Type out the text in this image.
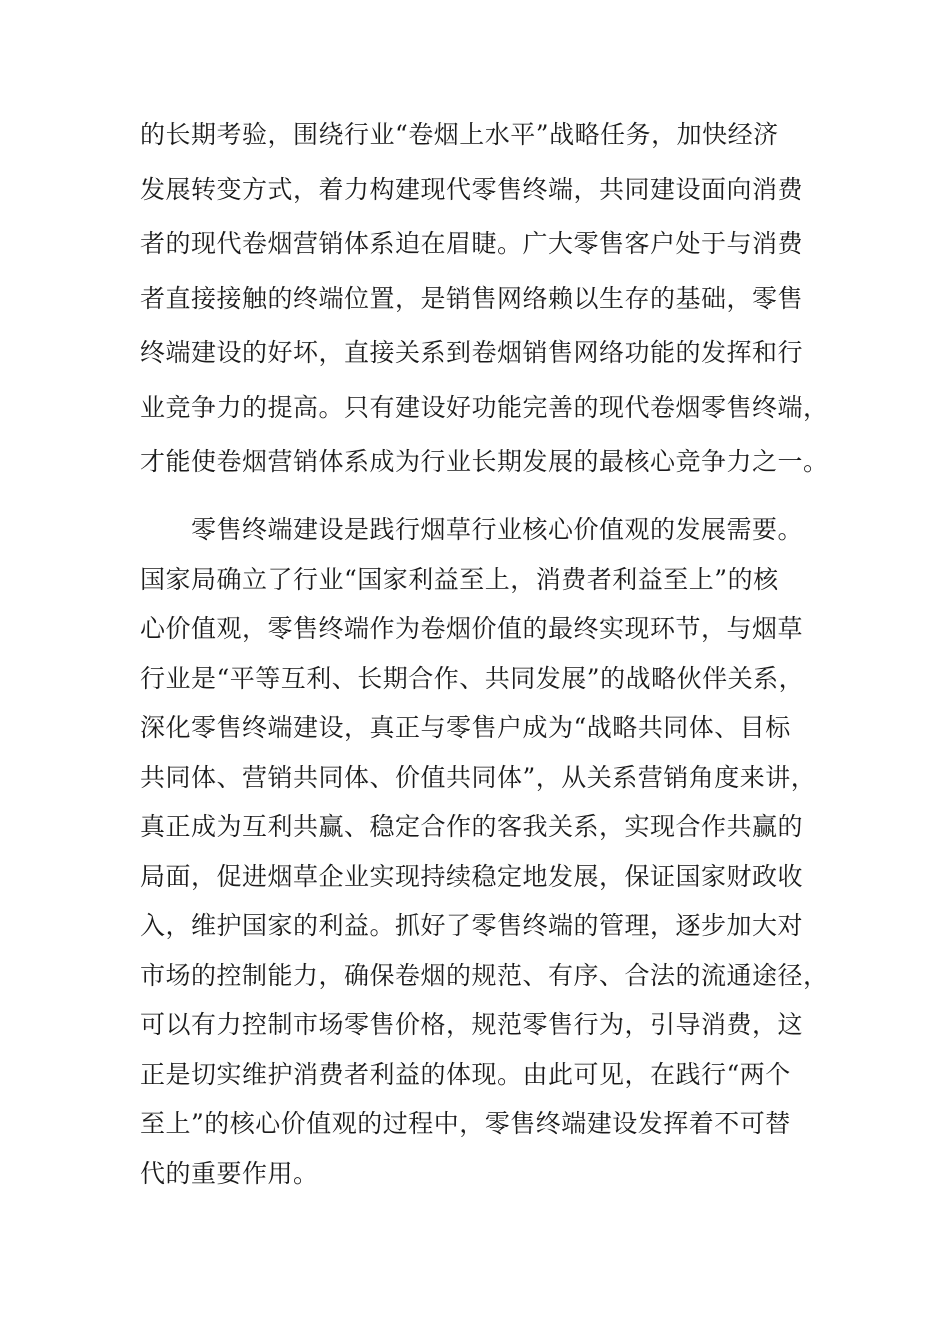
的长期考验，围绕行业“卷烟上水平”战略任务，加快经济
发展转变方式，着力构建现代零售终端，共同建设面向消费
者的现代卷烟营销体系迫在眉睫。广大零售客户处于与消费
者直接接触的终端位置，是销售网络赖以生存的基础，零售
终端建设的好坏，直接关系到卷烟销售网络功能的发挥和行
业竞争力的提高。只有建设好功能完善的现代卷烟零售终端，
才能使卷烟营销体系成为行业长期发展的最核心竞争力之一。
　　零售终端建设是践行烟草行业核心价值观的发展需要。
国家局确立了行业“国家利益至上，消费者利益至上”的核
心价值观，零售终端作为卷烟价值的最终实现环节，与烟草
行业是“平等互利、长期合作、共同发展”的战略伙伴关系，
深化零售终端建设，真正与零售户成为“战略共同体、目标
共同体、营销共同体、价值共同体”，从关系营销角度来讲，
真正成为互利共赢、稳定合作的客我关系，实现合作共赢的
局面，促进烟草企业实现持续稳定地发展，保证国家财政收
入，维护国家的利益。抓好了零售终端的管理，逐步加大对
市场的控制能力，确保卷烟的规范、有序、合法的流通途径，
可以有力控制市场零售价格，规范零售行为，引导消费，这
正是切实维护消费者利益的体现。由此可见，在践行“两个
至上”的核心价值观的过程中，零售终端建设发挥着不可替
代的重要作用。
